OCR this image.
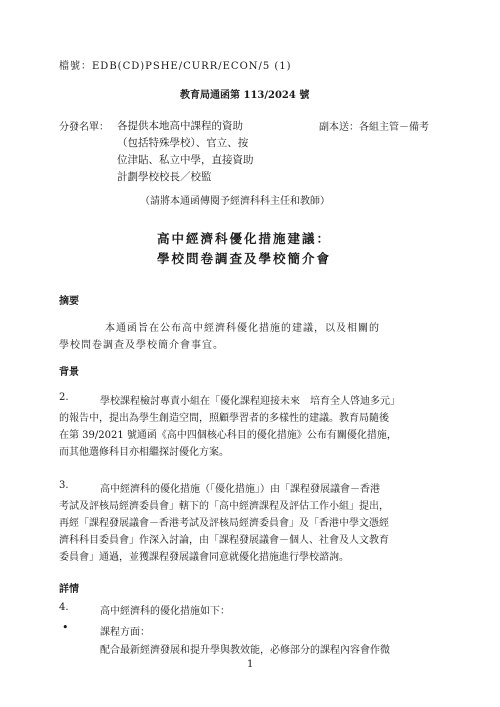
檔號：EDB(CD)PSHE/CURR/ECON/5 (1)
教育局通函第 113/2024 號
分發名單： 各提供本地高中課程的資助
（包括特殊學校）、官立、按
位津貼、私立中學，直接資助
計劃學校校長／校監
副本送：各組主管－備考
（請將本通函傳閱予經濟科科主任和教師）
高中經濟科優化措施建議：
學校問卷調查及學校簡介會
摘要
本通函旨在公布高中經濟科優化措施的建議，以及相關的
學校問卷調查及學校簡介會事宜。
背景
2.	學校課程檢討專責小組在「優化課程迎接未來　培育全人啓迪多元」
的報告中，提出為學生創造空間，照顧學習者的多樣性的建議。教育局隨後
在第 39/2021 號通函《高中四個核心科目的優化措施》公布有關優化措施，
而其他選修科目亦相繼探討優化方案。
3.	高中經濟科的優化措施（「優化措施」）由「課程發展議會－香港
考試及評核局經濟委員會」轄下的「高中經濟課程及評估工作小組」提出，
再經「課程發展議會－香港考試及評核局經濟委員會」及「香港中學文憑經
濟科科目委員會」作深入討論，由「課程發展議會－個人、社會及人文教育
委員會」通過，並獲課程發展議會同意就優化措施進行學校諮詢。
詳情
4.	高中經濟科的優化措施如下：
•	課程方面：
配合最新經濟發展和提升學與教效能，必修部分的課程內容會作微
1
